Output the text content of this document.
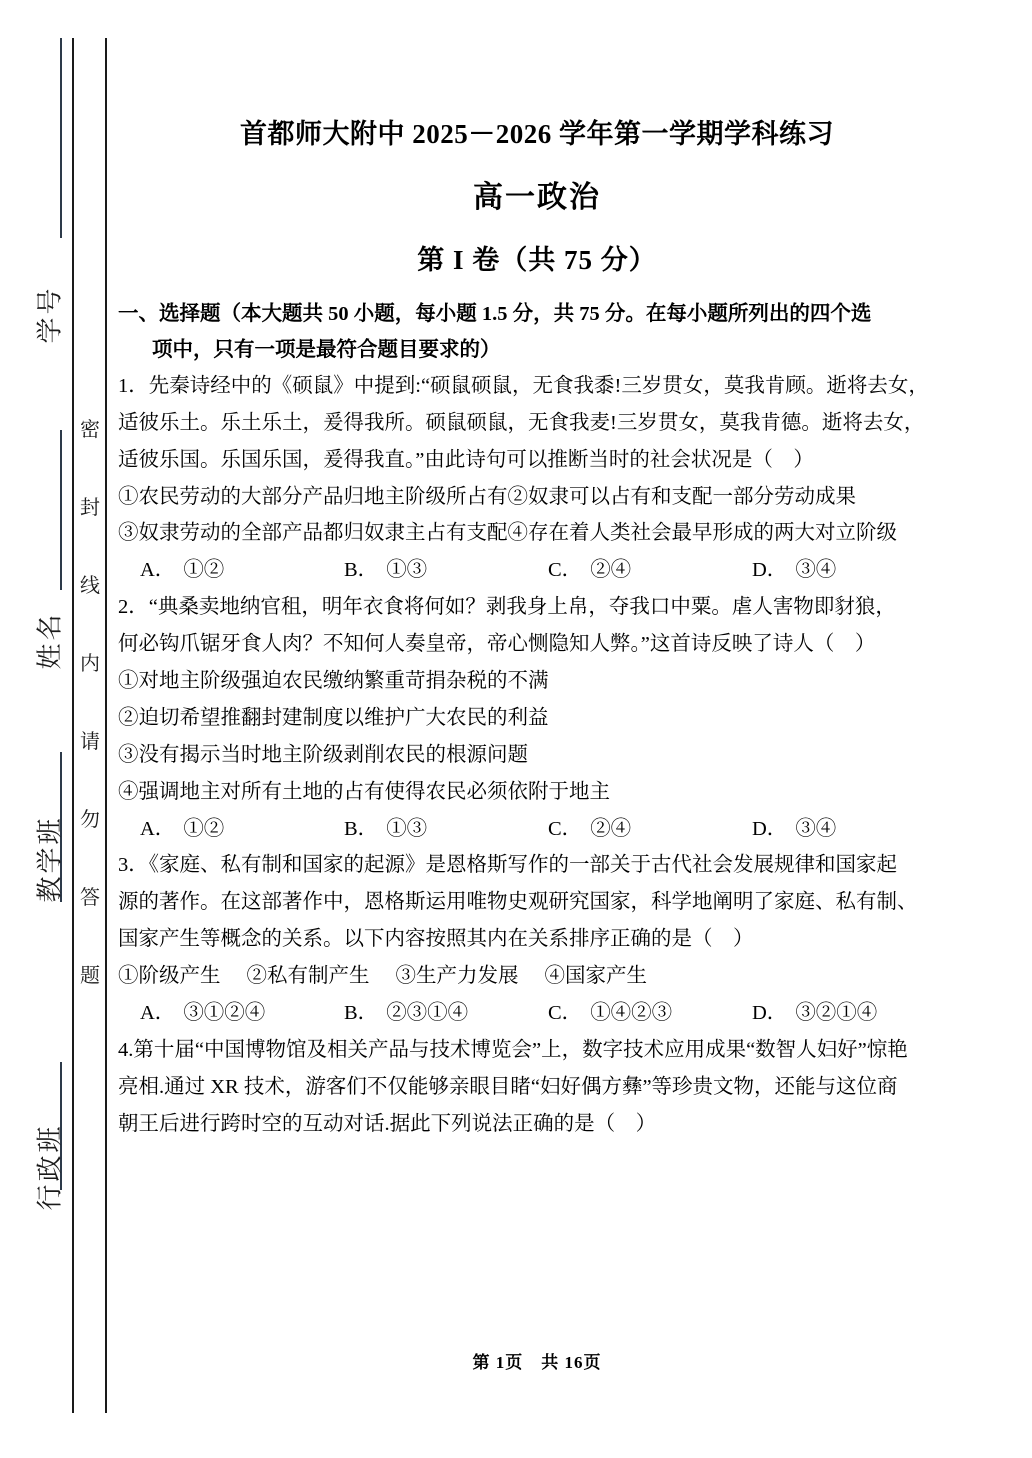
密
封
线
内
请
勿
答
题
学号
姓名
教学班
行政班
首都师大附中 2025－2026 学年第一学期学科练习
高一政治
第 I 卷（共 75 分）
一、选择题（本大题共 50 小题，每小题 1.5 分，共 75 分。在每小题所列出的四个选
项中，只有一项是最符合题目要求的）

1．先秦诗经中的《硕鼠》中提到:“硕鼠硕鼠，无食我黍!三岁贯女，莫我肯顾。逝将去女，

适彼乐土。乐土乐土，爰得我所。硕鼠硕鼠，无食我麦!三岁贯女，莫我肯德。逝将去女，

适彼乐国。乐国乐国，爰得我直。”由此诗句可以推断当时的社会状况是（　）

①农民劳动的大部分产品归地主阶级所占有②奴隶可以占有和支配一部分劳动成果

③奴隶劳动的全部产品都归奴隶主占有支配④存在着人类社会最早形成的两大对立阶级

A． ①②	B． ①③	C． ②④	D． ③④

2．“典桑卖地纳官租，明年衣食将何如？剥我身上帛，夺我口中粟。虐人害物即豺狼，

何必钩爪锯牙食人肉？不知何人奏皇帝，帝心恻隐知人弊。”这首诗反映了诗人（　）

①对地主阶级强迫农民缴纳繁重苛捐杂税的不满

②迫切希望推翻封建制度以维护广大农民的利益

③没有揭示当时地主阶级剥削农民的根源问题

④强调地主对所有土地的占有使得农民必须依附于地主

A． ①②	B． ①③	C． ②④	D． ③④

3．《家庭、私有制和国家的起源》是恩格斯写作的一部关于古代社会发展规律和国家起

源的著作。在这部著作中，恩格斯运用唯物史观研究国家，科学地阐明了家庭、私有制、

国家产生等概念的关系。以下内容按照其内在关系排序正确的是（　）

①阶级产生 ②私有制产生 ③生产力发展 ④国家产生

A． ③①②④	B． ②③①④	C． ①④②③	D． ③②①④

4.第十届“中国博物馆及相关产品与技术博览会”上，数字技术应用成果“数智人妇好”惊艳

亮相.通过 XR 技术，游客们不仅能够亲眼目睹“妇好偶方彝”等珍贵文物，还能与这位商

朝王后进行跨时空的互动对话.据此下列说法正确的是（　）

第 1页 共 16页
